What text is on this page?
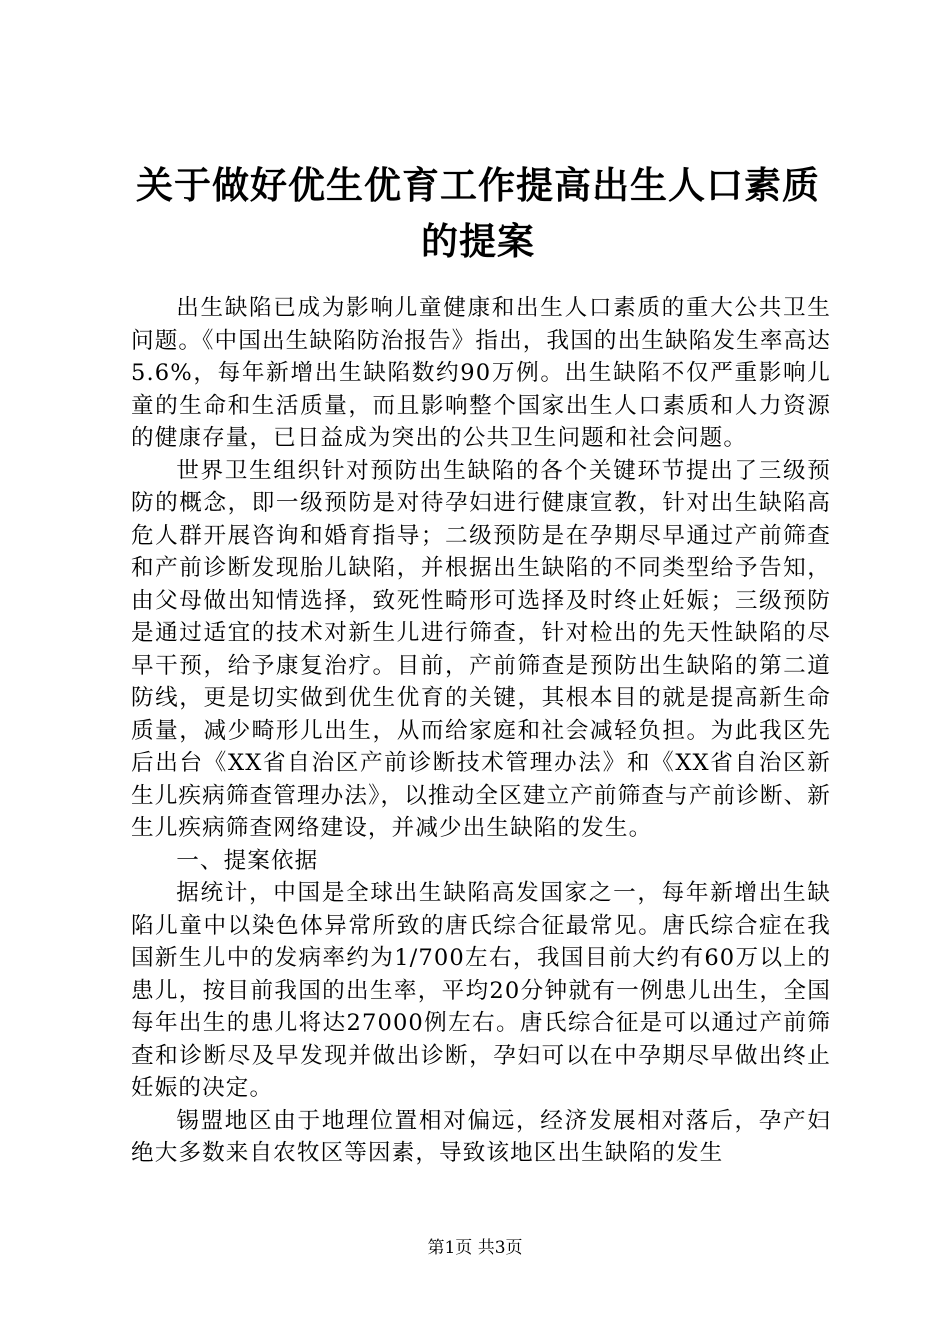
关于做好优生优育工作提高出生人口素质的提案

出生缺陷已成为影响儿童健康和出生人口素质的重大公共卫生问题。《中国出生缺陷防治报告》指出，我国的出生缺陷发生率高达5.6%，每年新增出生缺陷数约90万例。出生缺陷不仅严重影响儿童的生命和生活质量，而且影响整个国家出生人口素质和人力资源的健康存量，已日益成为突出的公共卫生问题和社会问题。

世界卫生组织针对预防出生缺陷的各个关键环节提出了三级预防的概念，即一级预防是对待孕妇进行健康宣教，针对出生缺陷高危人群开展咨询和婚育指导；二级预防是在孕期尽早通过产前筛查和产前诊断发现胎儿缺陷，并根据出生缺陷的不同类型给予告知，由父母做出知情选择，致死性畸形可选择及时终止妊娠；三级预防是通过适宜的技术对新生儿进行筛查，针对检出的先天性缺陷的尽早干预，给予康复治疗。目前，产前筛查是预防出生缺陷的第二道防线，更是切实做到优生优育的关键，其根本目的就是提高新生命质量，减少畸形儿出生，从而给家庭和社会减轻负担。为此我区先后出台《XX省自治区产前诊断技术管理办法》和《XX省自治区新生儿疾病筛查管理办法》，以推动全区建立产前筛查与产前诊断、新生儿疾病筛查网络建设，并减少出生缺陷的发生。

一、提案依据

据统计，中国是全球出生缺陷高发国家之一，每年新增出生缺陷儿童中以染色体异常所致的唐氏综合征最常见。唐氏综合症在我国新生儿中的发病率约为1/700左右，我国目前大约有60万以上的患儿，按目前我国的出生率，平均20分钟就有一例患儿出生，全国每年出生的患儿将达27000例左右。唐氏综合征是可以通过产前筛查和诊断尽及早发现并做出诊断，孕妇可以在中孕期尽早做出终止妊娠的决定。

锡盟地区由于地理位置相对偏远，经济发展相对落后，孕产妇绝大多数来自农牧区等因素，导致该地区出生缺陷的发生

第1页 共3页
